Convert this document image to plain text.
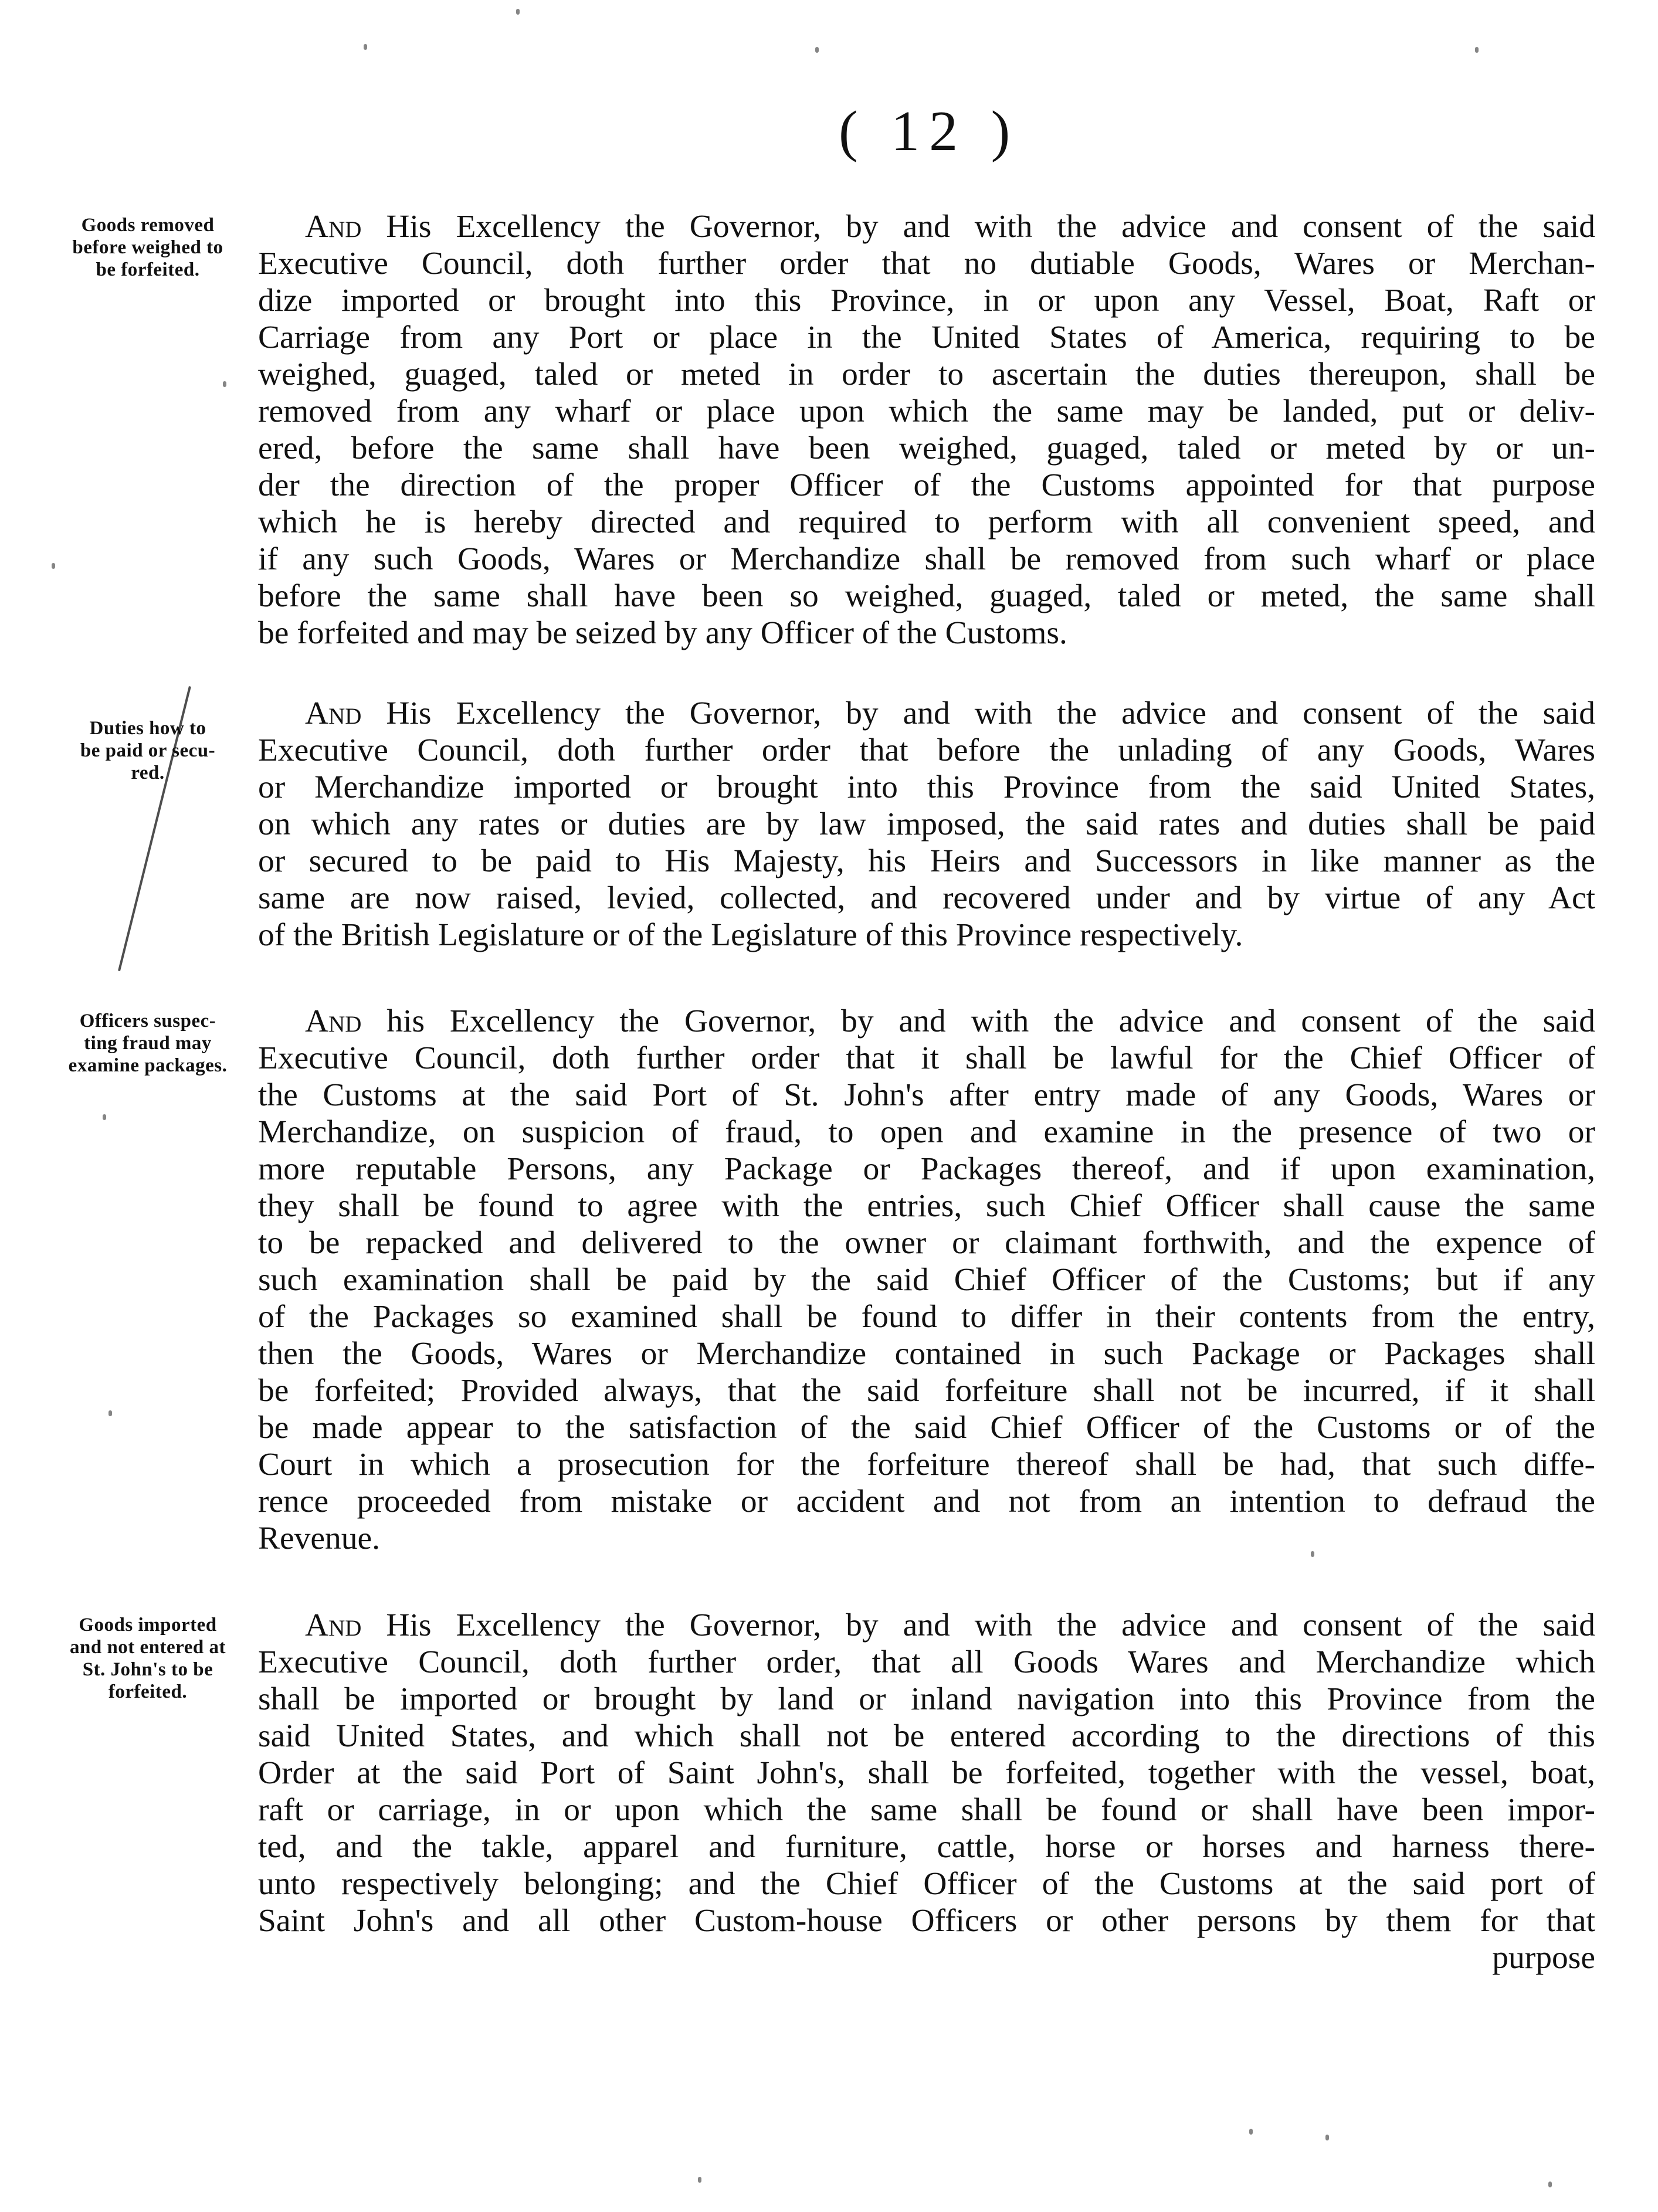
( 12 )
Goods removed
before weighed to
be forfeited.
And His Excellency the Governor, by and with the advice and consent of the said
Executive Council, doth further order that no dutiable Goods, Wares or Merchan-
dize imported or brought into this Province, in or upon any Vessel, Boat, Raft or
Carriage from any Port or place in the United States of America, requiring to be
weighed, guaged, taled or meted in order to ascertain the duties thereupon, shall be
removed from any wharf or place upon which the same may be landed, put or deliv-
ered, before the same shall have been weighed, guaged, taled or meted by or un-
der the direction of the proper Officer of the Customs appointed for that purpose
which he is hereby directed and required to perform with all convenient speed, and
if any such Goods, Wares or Merchandize shall be removed from such wharf or place
before the same shall have been so weighed, guaged, taled or meted, the same shall
be forfeited and may be seized by any Officer of the Customs.
Duties how to
be paid or secu-
red.
And His Excellency the Governor, by and with the advice and consent of the said
Executive Council, doth further order that before the unlading of any Goods, Wares
or Merchandize imported or brought into this Province from the said United States,
on which any rates or duties are by law imposed, the said rates and duties shall be paid
or secured to be paid to His Majesty, his Heirs and Successors in like manner as the
same are now raised, levied, collected, and recovered under and by virtue of any Act
of the British Legislature or of the Legislature of this Province respectively.
Officers suspec-
ting fraud may
examine packages.
And his Excellency the Governor, by and with the advice and consent of the said
Executive Council, doth further order that it shall be lawful for the Chief Officer of
the Customs at the said Port of St. John's after entry made of any Goods, Wares or
Merchandize, on suspicion of fraud, to open and examine in the presence of two or
more reputable Persons, any Package or Packages thereof, and if upon examination,
they shall be found to agree with the entries, such Chief Officer shall cause the same
to be repacked and delivered to the owner or claimant forthwith, and the expence of
such examination shall be paid by the said Chief Officer of the Customs; but if any
of the Packages so examined shall be found to differ in their contents from the entry,
then the Goods, Wares or Merchandize contained in such Package or Packages shall
be forfeited; Provided always, that the said forfeiture shall not be incurred, if it shall
be made appear to the satisfaction of the said Chief Officer of the Customs or of the
Court in which a prosecution for the forfeiture thereof shall be had, that such diffe-
rence proceeded from mistake or accident and not from an intention to defraud the
Revenue.
Goods imported
and not entered at
St. John's to be
forfeited.
And His Excellency the Governor, by and with the advice and consent of the said
Executive Council, doth further order, that all Goods Wares and Merchandize which
shall be imported or brought by land or inland navigation into this Province from the
said United States, and which shall not be entered according to the directions of this
Order at the said Port of Saint John's, shall be forfeited, together with the vessel, boat,
raft or carriage, in or upon which the same shall be found or shall have been impor-
ted, and the takle, apparel and furniture, cattle, horse or horses and harness there-
unto respectively belonging; and the Chief Officer of the Customs at the said port of
Saint John's and all other Custom-house Officers or other persons by them for that
purpose
